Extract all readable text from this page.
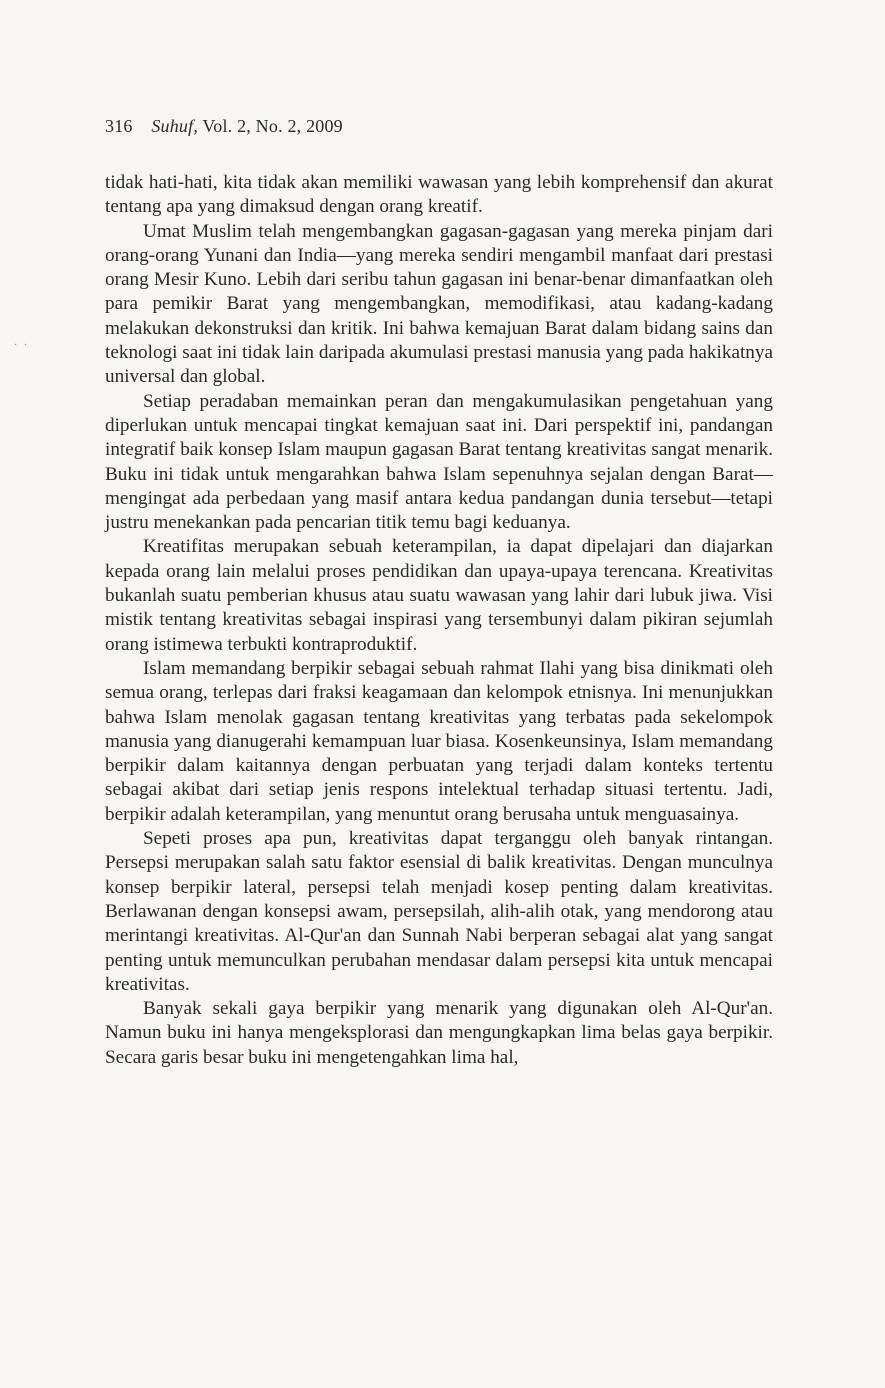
316 Suhuf, Vol. 2, No. 2, 2009
· ·

tidak hati-hati, kita tidak akan memiliki wawasan yang lebih komprehensif dan akurat tentang apa yang dimaksud dengan orang kreatif.

Umat Muslim telah mengembangkan gagasan-gagasan yang mereka pinjam dari orang-orang Yunani dan India—yang mereka sendiri mengambil manfaat dari prestasi orang Mesir Kuno. Lebih dari seribu tahun gagasan ini benar-benar dimanfaatkan oleh para pemikir Barat yang mengembangkan, memodifikasi, atau kadang-kadang melakukan dekonstruksi dan kritik. Ini bahwa kemajuan Barat dalam bidang sains dan teknologi saat ini tidak lain daripada akumulasi prestasi manusia yang pada hakikatnya universal dan global.

Setiap peradaban memainkan peran dan mengakumulasikan pengetahuan yang diperlukan untuk mencapai tingkat kemajuan saat ini. Dari perspektif ini, pandangan integratif baik konsep Islam maupun gagasan Barat tentang kreativitas sangat menarik. Buku ini tidak untuk mengarahkan bahwa Islam sepenuhnya sejalan dengan Barat—mengingat ada perbedaan yang masif antara kedua pandangan dunia tersebut—tetapi justru menekankan pada pencarian titik temu bagi keduanya.

Kreatifitas merupakan sebuah keterampilan, ia dapat dipelajari dan diajarkan kepada orang lain melalui proses pendidikan dan upaya-upaya terencana. Kreativitas bukanlah suatu pemberian khusus atau suatu wawasan yang lahir dari lubuk jiwa. Visi mistik tentang kreativitas sebagai inspirasi yang tersembunyi dalam pikiran sejumlah orang istimewa terbukti kontraproduktif.

Islam memandang berpikir sebagai sebuah rahmat Ilahi yang bisa dinikmati oleh semua orang, terlepas dari fraksi keagamaan dan kelompok etnisnya. Ini menunjukkan bahwa Islam menolak gagasan tentang kreativitas yang terbatas pada sekelompok manusia yang dianugerahi kemampuan luar biasa. Kosenkeunsinya, Islam memandang berpikir dalam kaitannya dengan perbuatan yang terjadi dalam konteks tertentu sebagai akibat dari setiap jenis respons intelektual terhadap situasi tertentu. Jadi, berpikir adalah keterampilan, yang menuntut orang berusaha untuk menguasainya.

Sepeti proses apa pun, kreativitas dapat terganggu oleh banyak rintangan. Persepsi merupakan salah satu faktor esensial di balik kreativitas. Dengan munculnya konsep berpikir lateral, persepsi telah menjadi kosep penting dalam kreativitas. Berlawanan dengan konsepsi awam, persepsilah, alih-alih otak, yang mendorong atau merintangi kreativitas. Al-Qur'an dan Sunnah Nabi berperan sebagai alat yang sangat penting untuk memunculkan perubahan mendasar dalam persepsi kita untuk mencapai kreativitas.

Banyak sekali gaya berpikir yang menarik yang digunakan oleh Al-Qur'an. Namun buku ini hanya mengeksplorasi dan mengungkapkan lima belas gaya berpikir. Secara garis besar buku ini mengetengahkan lima hal,
